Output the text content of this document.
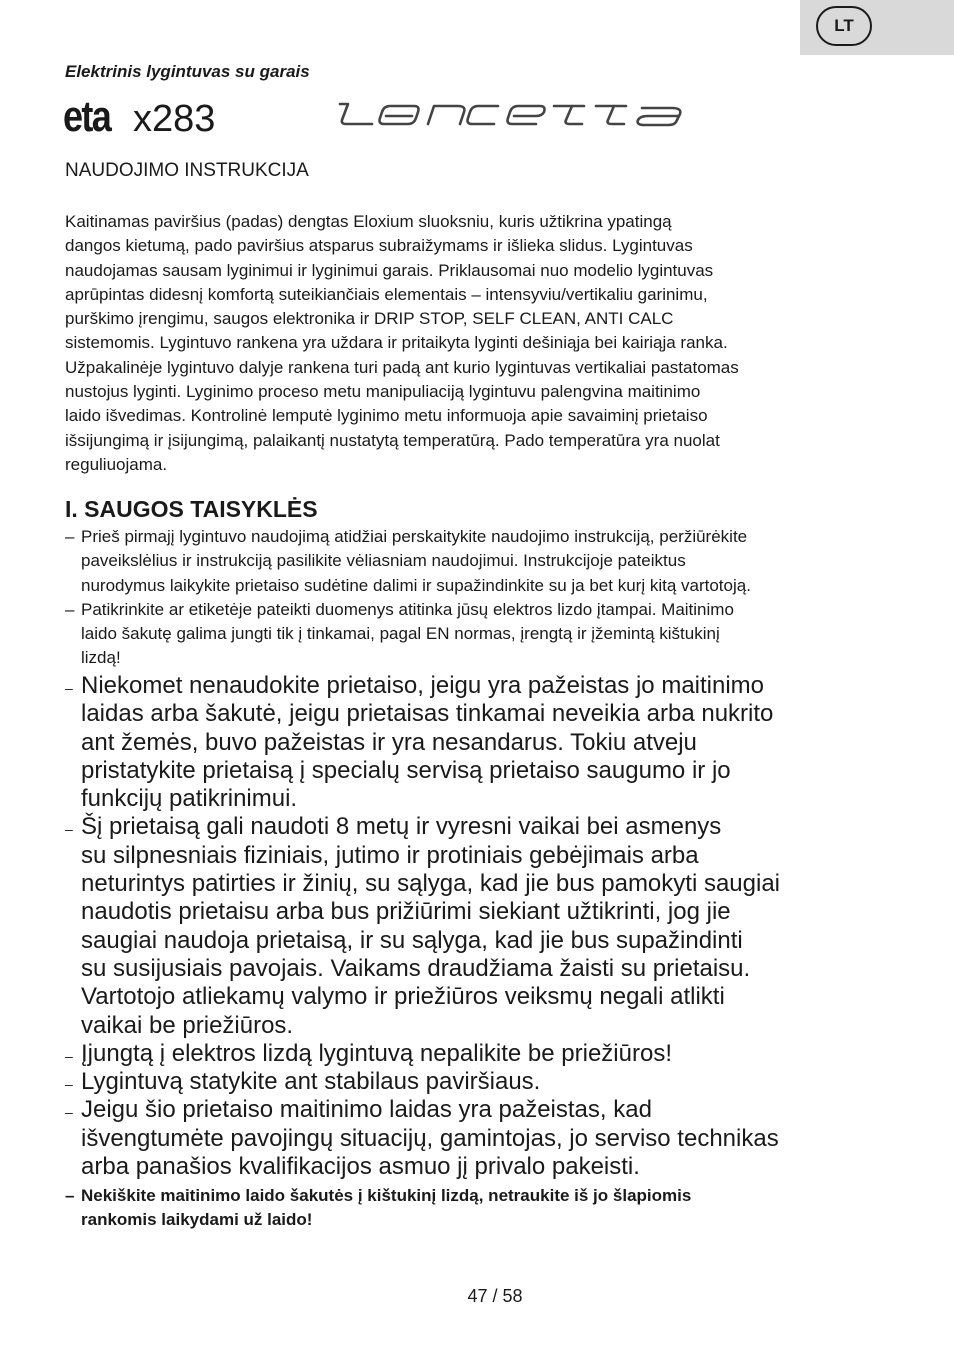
LT
Elektrinis lygintuvas su garais
eta x283
NAUDOJIMO INSTRUKCIJA
Kaitinamas paviršius (padas) dengtas Eloxium sluoksniu, kuris užtikrina ypatingą
dangos kietumą, pado paviršius atsparus subraižymams ir išlieka slidus. Lygintuvas
naudojamas sausam lyginimui ir lyginimui garais. Priklausomai nuo modelio lygintuvas
aprūpintas didesnį komfortą suteikiančiais elementais – intensyviu/vertikaliu garinimu,
purškimo įrengimu, saugos elektronika ir DRIP STOP, SELF CLEAN, ANTI CALC
sistemomis. Lygintuvo rankena yra uždara ir pritaikyta lyginti dešiniąja bei kairiąja ranka.
Užpakalinėje lygintuvo dalyje rankena turi padą ant kurio lygintuvas vertikaliai pastatomas
nustojus lyginti. Lyginimo proceso metu manipuliaciją lygintuvu palengvina maitinimo
laido išvedimas. Kontrolinė lemputė lyginimo metu informuoja apie savaiminį prietaiso
išsijungimą ir įsijungimą, palaikantį nustatytą temperatūrą. Pado temperatūra yra nuolat
reguliuojama.
I. SAUGOS TAISYKLĖS
– Prieš pirmajį lygintuvo naudojimą atidžiai perskaitykite naudojimo instrukciją, peržiūrėkite
paveikslėlius ir instrukciją pasilikite vėliasniam naudojimui. Instrukcijoje pateiktus
nurodymus laikykite prietaiso sudėtine dalimi ir supažindinkite su ja bet kurį kitą vartotoją.
– Patikrinkite ar etiketėje pateikti duomenys atitinka jūsų elektros lizdo įtampai. Maitinimo
laido šakutę galima jungti tik į tinkamai, pagal EN normas, įrengtą ir įžemintą kištukinį
lizdą!
– Niekomet nenaudokite prietaiso, jeigu yra pažeistas jo maitinimo
laidas arba šakutė, jeigu prietaisas tinkamai neveikia arba nukrito
ant žemės, buvo pažeistas ir yra nesandarus. Tokiu atveju
pristatykite prietaisą į specialų servisą prietaiso saugumo ir jo
funkcijų patikrinimui.
– Šį prietaisą gali naudoti 8 metų ir vyresni vaikai bei asmenys
su silpnesniais fiziniais, jutimo ir protiniais gebėjimais arba
neturintys patirties ir žinių, su sąlyga, kad jie bus pamokyti saugiai
naudotis prietaisu arba bus prižiūrimi siekiant užtikrinti, jog jie
saugiai naudoja prietaisą, ir su sąlyga, kad jie bus supažindinti
su susijusiais pavojais. Vaikams draudžiama žaisti su prietaisu.
Vartotojo atliekamų valymo ir priežiūros veiksmų negali atlikti
vaikai be priežiūros.
– Įjungtą į elektros lizdą lygintuvą nepalikite be priežiūros!
– Lygintuvą statykite ant stabilaus paviršiaus.
– Jeigu šio prietaiso maitinimo laidas yra pažeistas, kad
išvengtumėte pavojingų situacijų, gamintojas, jo serviso technikas
arba panašios kvalifikacijos asmuo jį privalo pakeisti.
– Nekiškite maitinimo laido šakutės į kištukinį lizdą, netraukite iš jo šlapiomis
rankomis laikydami už laido!
47 / 58
